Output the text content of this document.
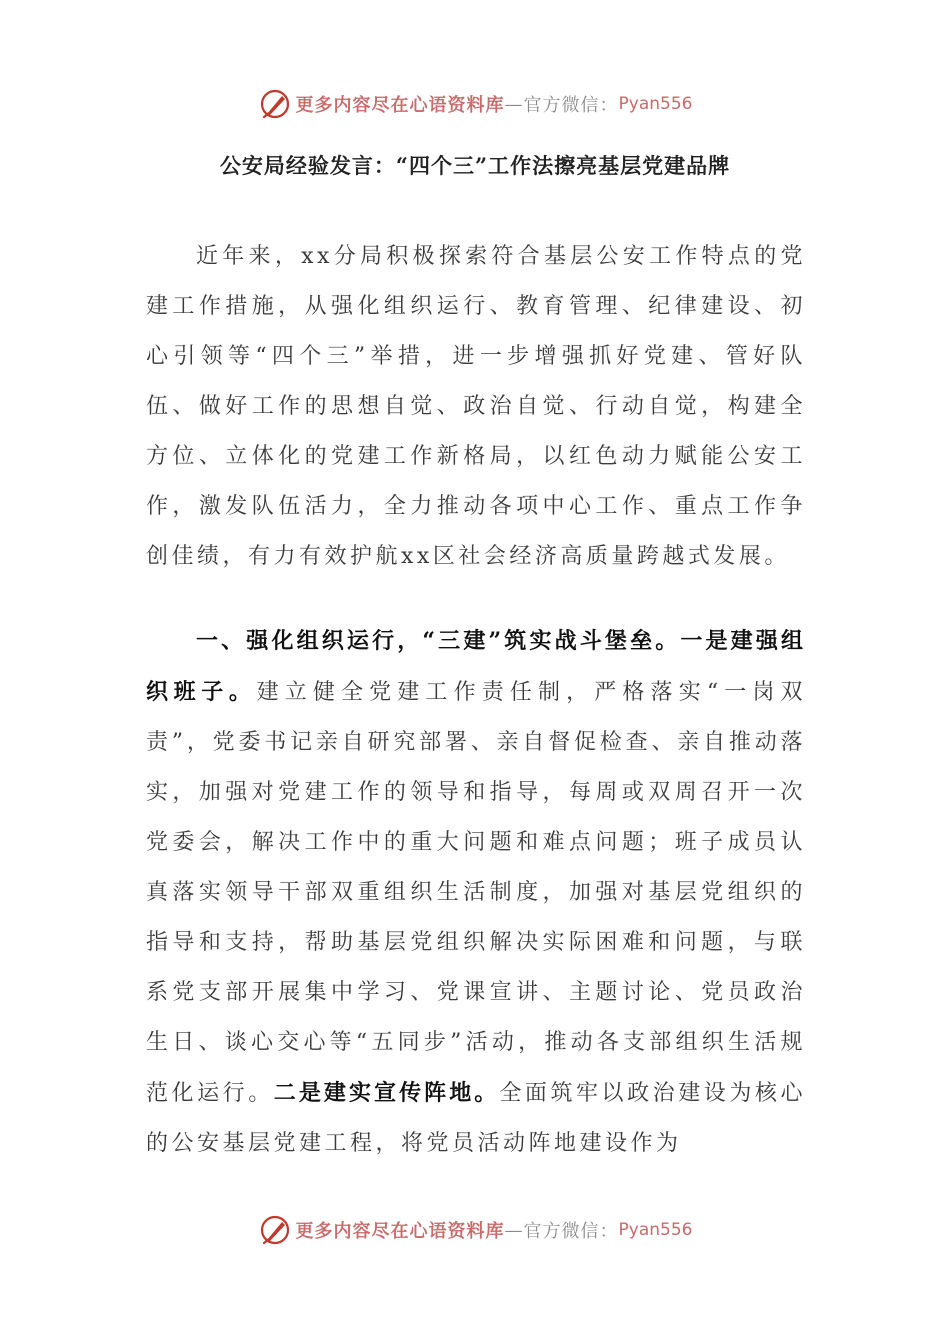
更多内容尽在心语资料库 — 官方微信： Pyan556
公安局经验发言：“四个三”工作法擦亮基层党建品牌

近年来，xx分局积极探索符合基层公安工作特点的党建工作措施，从强化组织运行、教育管理、纪律建设、初心引领等“四个三”举措，进一步增强抓好党建、管好队伍、做好工作的思想自觉、政治自觉、行动自觉，构建全方位、立体化的党建工作新格局，以红色动力赋能公安工作，激发队伍活力，全力推动各项中心工作、重点工作争创佳绩，有力有效护航xx区社会经济高质量跨越式发展。

一、强化组织运行，“三建”筑实战斗堡垒。一是建强组织班子。建立健全党建工作责任制，严格落实“一岗双责”，党委书记亲自研究部署、亲自督促检查、亲自推动落实，加强对党建工作的领导和指导，每周或双周召开一次党委会，解决工作中的重大问题和难点问题；班子成员认真落实领导干部双重组织生活制度，加强对基层党组织的指导和支持，帮助基层党组织解决实际困难和问题，与联系党支部开展集中学习、党课宣讲、主题讨论、党员政治生日、谈心交心等“五同步”活动，推动各支部组织生活规范化运行。二是建实宣传阵地。全面筑牢以政治建设为核心的公安基层党建工程，将党员活动阵地建设作为

更多内容尽在心语资料库 — 官方微信： Pyan556
